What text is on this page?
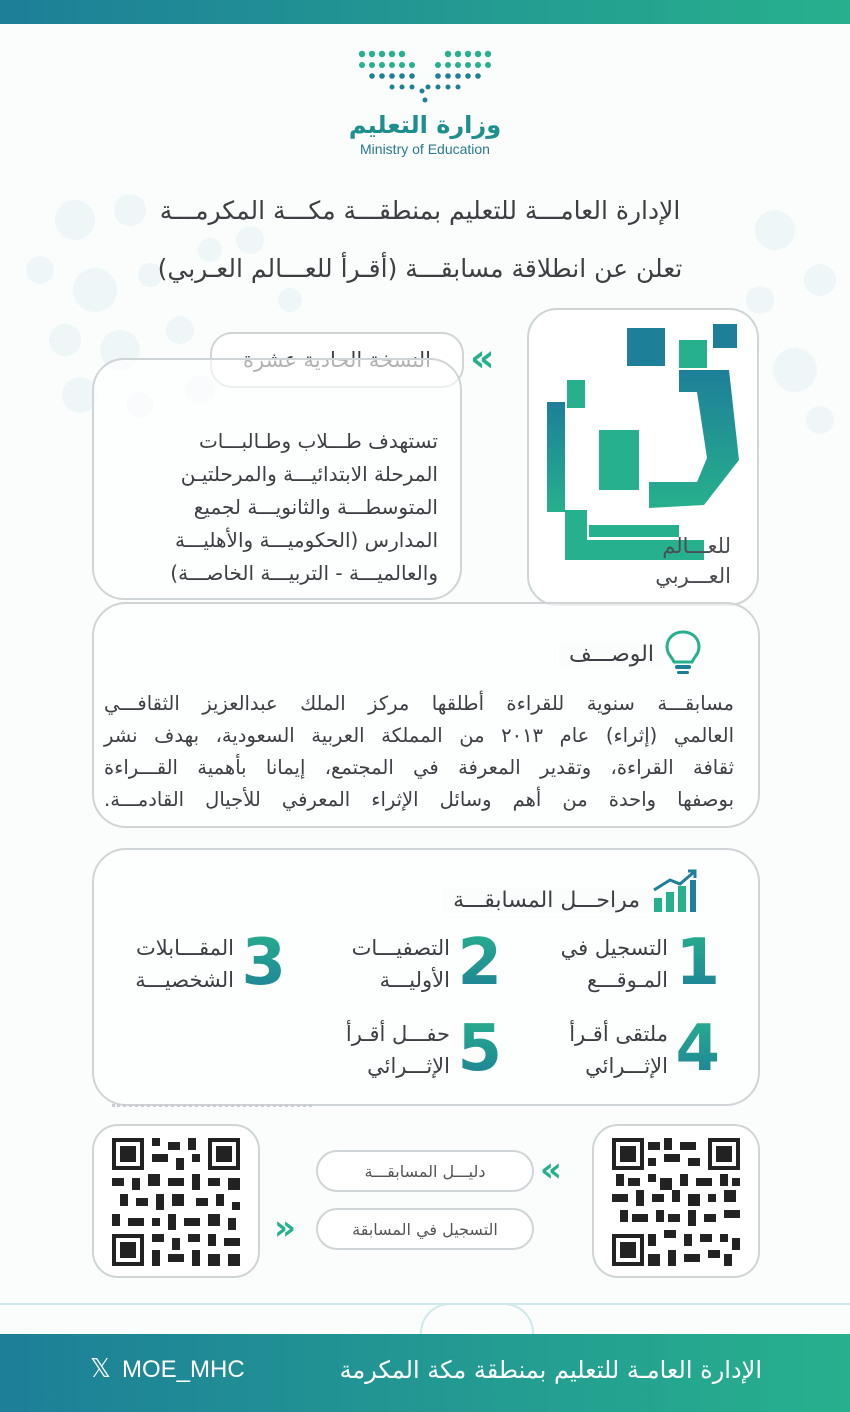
وزارة التعليم
Ministry of Education
الإدارة العامـــة للتعليم بمنطقـــة مكـــة المكرمـــة
تعلن عن انطلاقة مسابقـــة (أقـرأ للعـــالم العـربي)
للعـــالم
العـــربي
«
تستهدف طـــلاب وطـالبـــات
المرحلة الابتدائيـــة والمرحلتيـن
المتوسطـــة والثانويـــة لجميع
المدارس (الحكوميـــة والأهليـــة
والعالميـــة - التربيـــة الخاصـــة)
الوصـــف
مسابقـــة سنوية للقراءة أطلقها مركز الملك عبدالعزيز الثقافـــي
العالمي (إثراء) عام ٢٠١٣ من المملكة العربية السعودية، بهدف نشر
ثقافة القراءة، وتقدير المعرفة في المجتمع، إيمانا بأهمية القـــراءة
بوصفها واحدة من أهم وسائل الإثراء المعرفي للأجيال القادمـــة.
مراحـــل المسابقـــة
1
التسجيل في
المـوقـــع
2
التصفيـــات
الأوليـــة
3
المقـــابلات
الشخصيـــة
4
ملتقى أقـرأ
الإثـــرائي
5
حفـــل أقـرأ
الإثـــرائي
دليـــل المسابقـــة «
التسجيل في المسابقة
»
الإدارة العامـة للتعليم بمنطقة مكة المكرمة
MOE_MHC
𝕏
